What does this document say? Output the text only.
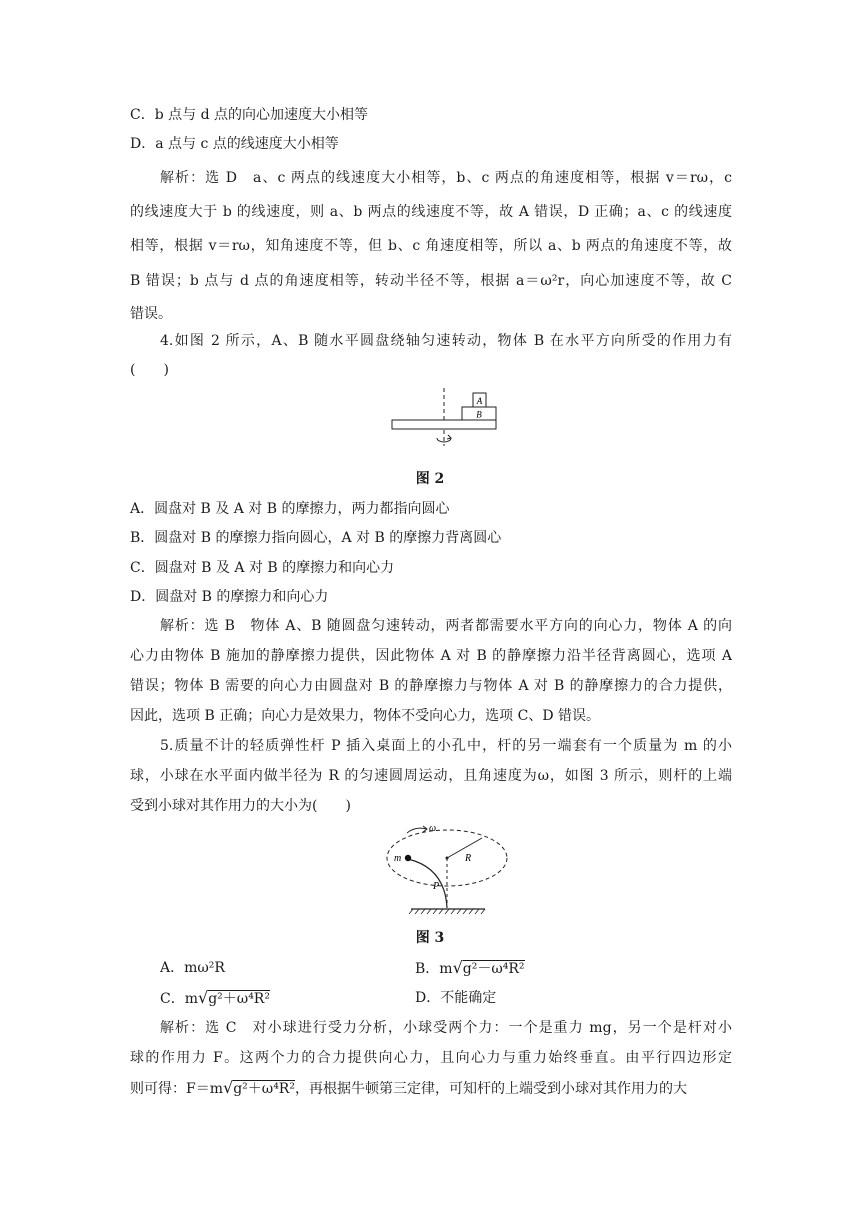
C．b 点与 d 点的向心加速度大小相等
D．a 点与 c 点的线速度大小相等
解析：选 D　a、c 两点的线速度大小相等，b、c 两点的角速度相等，根据 v＝rω，c
的线速度大于 b 的线速度，则 a、b 两点的线速度不等，故 A 错误，D 正确；a、c 的线速度
相等，根据 v＝rω，知角速度不等，但 b、c 角速度相等，所以 a、b 两点的角速度不等，故
B 错误；b 点与 d 点的角速度相等，转动半径不等，根据 a＝ω²r，向心加速度不等，故 C
错误。
4.如图 2 所示，A、B 随水平圆盘绕轴匀速转动，物体 B 在水平方向所受的作用力有
(　　)
A
B
图 2
A．圆盘对 B 及 A 对 B 的摩擦力，两力都指向圆心
B．圆盘对 B 的摩擦力指向圆心，A 对 B 的摩擦力背离圆心
C．圆盘对 B 及 A 对 B 的摩擦力和向心力
D．圆盘对 B 的摩擦力和向心力
解析：选 B　物体 A、B 随圆盘匀速转动，两者都需要水平方向的向心力，物体 A 的向
心力由物体 B 施加的静摩擦力提供，因此物体 A 对 B 的静摩擦力沿半径背离圆心，选项 A
错误；物体 B 需要的向心力由圆盘对 B 的静摩擦力与物体 A 对 B 的静摩擦力的合力提供，
因此，选项 B 正确；向心力是效果力，物体不受向心力，选项 C、D 错误。
5.质量不计的轻质弹性杆 P 插入桌面上的小孔中，杆的另一端套有一个质量为 m 的小
球，小球在水平面内做半径为 R 的匀速圆周运动，且角速度为ω，如图 3 所示，则杆的上端
受到小球对其作用力的大小为(　　)
ω
R
m
P
图 3
A．mω²R	B．m√g²－ω⁴R²
C．m√g²＋ω⁴R²	D．不能确定
解析：选 C　对小球进行受力分析，小球受两个力：一个是重力 mg，另一个是杆对小
球的作用力 F。这两个力的合力提供向心力，且向心力与重力始终垂直。由平行四边形定
则可得：F＝m√g²＋ω⁴R²，再根据牛顿第三定律，可知杆的上端受到小球对其作用力的大
